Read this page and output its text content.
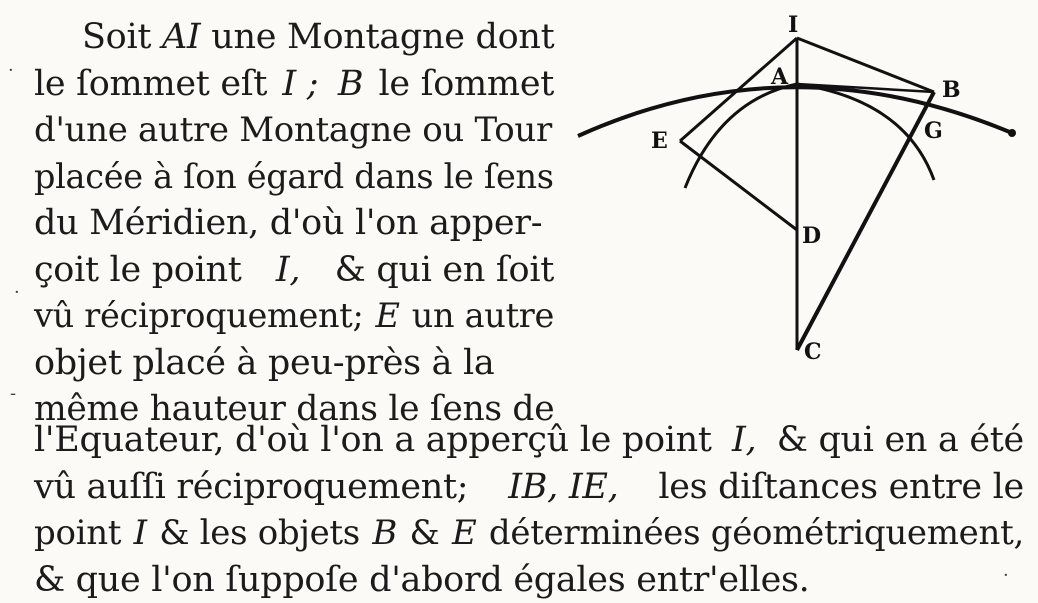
Soit AI une Montagne dont
le ſommet eſt I ;
B le ſommet
d'une autre Montagne ou Tour
placée à ſon égard dans le ſens
du Méridien, d'où l'on apper-
çoit le point I, & qui en ſoit
vû réciproquement; E un autre
objet placé à peu-près à la
même hauteur dans le ſens de
l'Equateur, d'où l'on a apperçû le point I, & qui en a été
vû auſſi réciproquement; IB, IE, les diſtances entre le
point I & les objets B & E déterminées géométriquement,
& que l'on ſuppoſe d'abord égales entr'elles.
I
A	B
E	G
D
C
·
·
-
·
